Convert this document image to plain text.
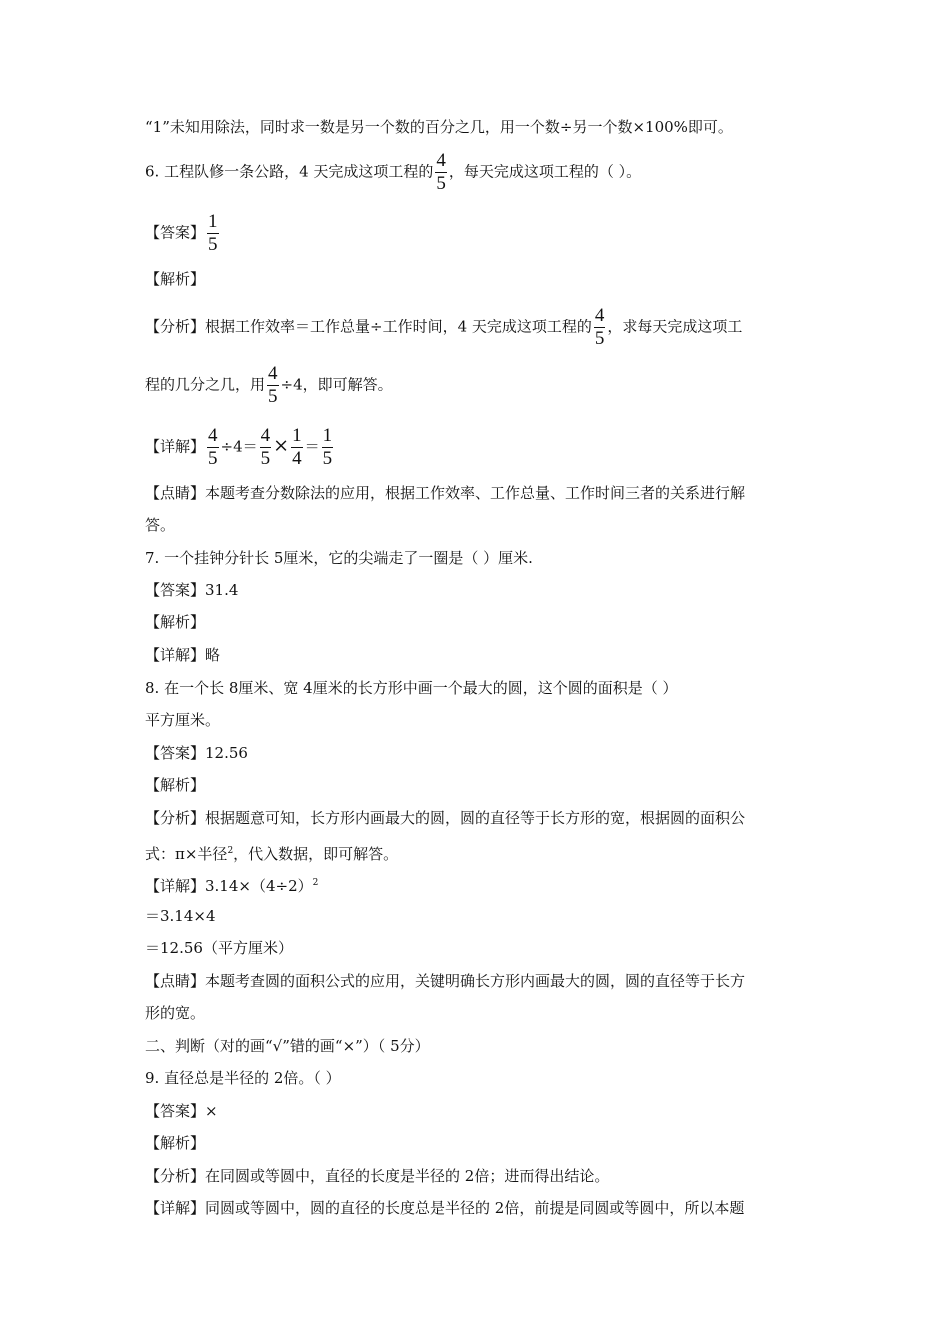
“1”未知用除法，同时求一数是另一个数的百分之几，用一个数÷另一个数×100%即可。
6. 工程队修一条公路，4 天完成这项工程的 $\frac{4}{5}$ ，每天完成这项工程的（ ）。
【答案】 $\frac{1}{5}$
【解析】
【分析】根据工作效率＝工作总量÷工作时间，4 天完成这项工程的 $\frac{4}{5}$ ，求每天完成这项工
程的几分之几，用 $\frac{4}{5} \div 4$，即可解答。
【详解】 $\frac{4}{5} \div 4= \frac{4}{5} \times \frac{1}{4} = \frac{1}{5}$
【点睛】本题考查分数除法的应用，根据工作效率、工作总量、工作时间三者的关系进行解
答。
7. 一个挂钟分针长 5厘米，它的尖端走了一圈是（ ）厘米.
【答案】31.4
【解析】
【详解】略
8. 在一个长 8厘米、宽 4厘米的长方形中画一个最大的圆，这个圆的面积是（ ）
平方厘米。
【答案】12.56
【解析】
【分析】根据题意可知，长方形内画最大的圆，圆的直径等于长方形的宽，根据圆的面积公
式：π×半径$^2$，代入数据，即可解答。
【详解】$3.14\times(4\div 2)^2$
＝3.14×4
＝12.56（平方厘米）
【点睛】本题考查圆的面积公式的应用，关键明确长方形内画最大的圆，圆的直径等于长方
形的宽。
二、判断（对的画“√”错的画“×”）（ 5分）
9. 直径总是半径的 2倍。（ ）
【答案】×
【解析】
【分析】在同圆或等圆中，直径的长度是半径的 2倍；进而得出结论。
【详解】同圆或等圆中，圆的直径的长度总是半径的 2倍，前提是同圆或等圆中，所以本题
